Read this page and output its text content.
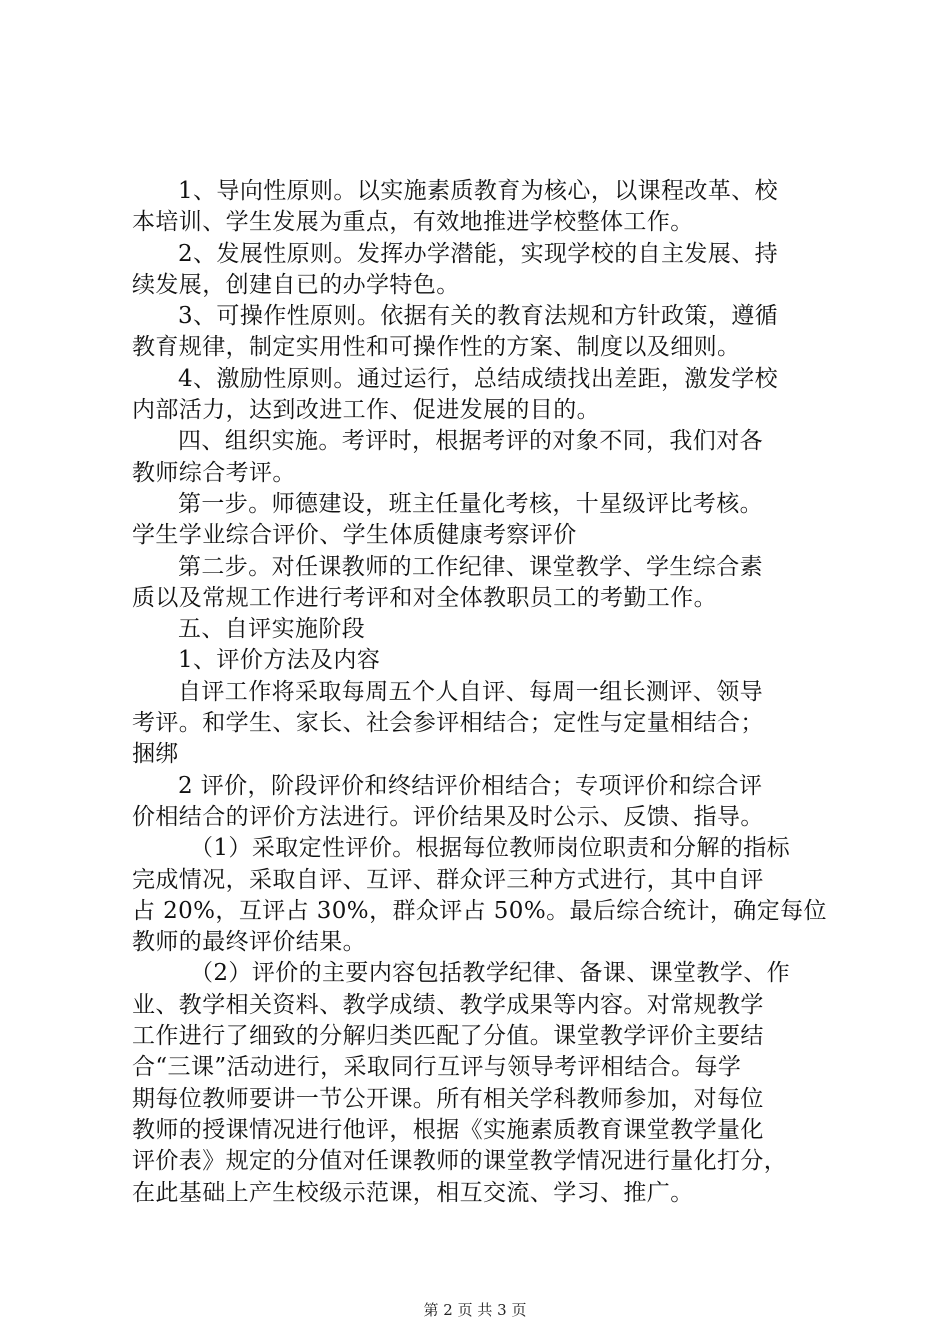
1、导向性原则。以实施素质教育为核心，以课程改革、校
本培训、学生发展为重点，有效地推进学校整体工作。
2、发展性原则。发挥办学潜能，实现学校的自主发展、持
续发展，创建自已的办学特色。
3、可操作性原则。依据有关的教育法规和方针政策，遵循
教育规律，制定实用性和可操作性的方案、制度以及细则。
4、激励性原则。通过运行，总结成绩找出差距，激发学校
内部活力，达到改进工作、促进发展的目的。
四、组织实施。考评时，根据考评的对象不同，我们对各
教师综合考评。
第一步。师德建设，班主任量化考核，十星级评比考核。
学生学业综合评价、学生体质健康考察评价
第二步。对任课教师的工作纪律、课堂教学、学生综合素
质以及常规工作进行考评和对全体教职员工的考勤工作。
五、自评实施阶段
1、评价方法及内容
自评工作将采取每周五个人自评、每周一组长测评、领导
考评。和学生、家长、社会参评相结合；定性与定量相结合；
捆绑
2 评价，阶段评价和终结评价相结合；专项评价和综合评
价相结合的评价方法进行。评价结果及时公示、反馈、指导。
（1）采取定性评价。根据每位教师岗位职责和分解的指标
完成情况，采取自评、互评、群众评三种方式进行，其中自评
占 20%，互评占 30%，群众评占 50%。最后综合统计，确定每位
教师的最终评价结果。
（2）评价的主要内容包括教学纪律、备课、课堂教学、作
业、教学相关资料、教学成绩、教学成果等内容。对常规教学
工作进行了细致的分解归类匹配了分值。课堂教学评价主要结
合“三课”活动进行，采取同行互评与领导考评相结合。每学
期每位教师要讲一节公开课。所有相关学科教师参加，对每位
教师的授课情况进行他评，根据《实施素质教育课堂教学量化
评价表》规定的分值对任课教师的课堂教学情况进行量化打分，
在此基础上产生校级示范课，相互交流、学习、推广。
第 2 页 共 3 页
